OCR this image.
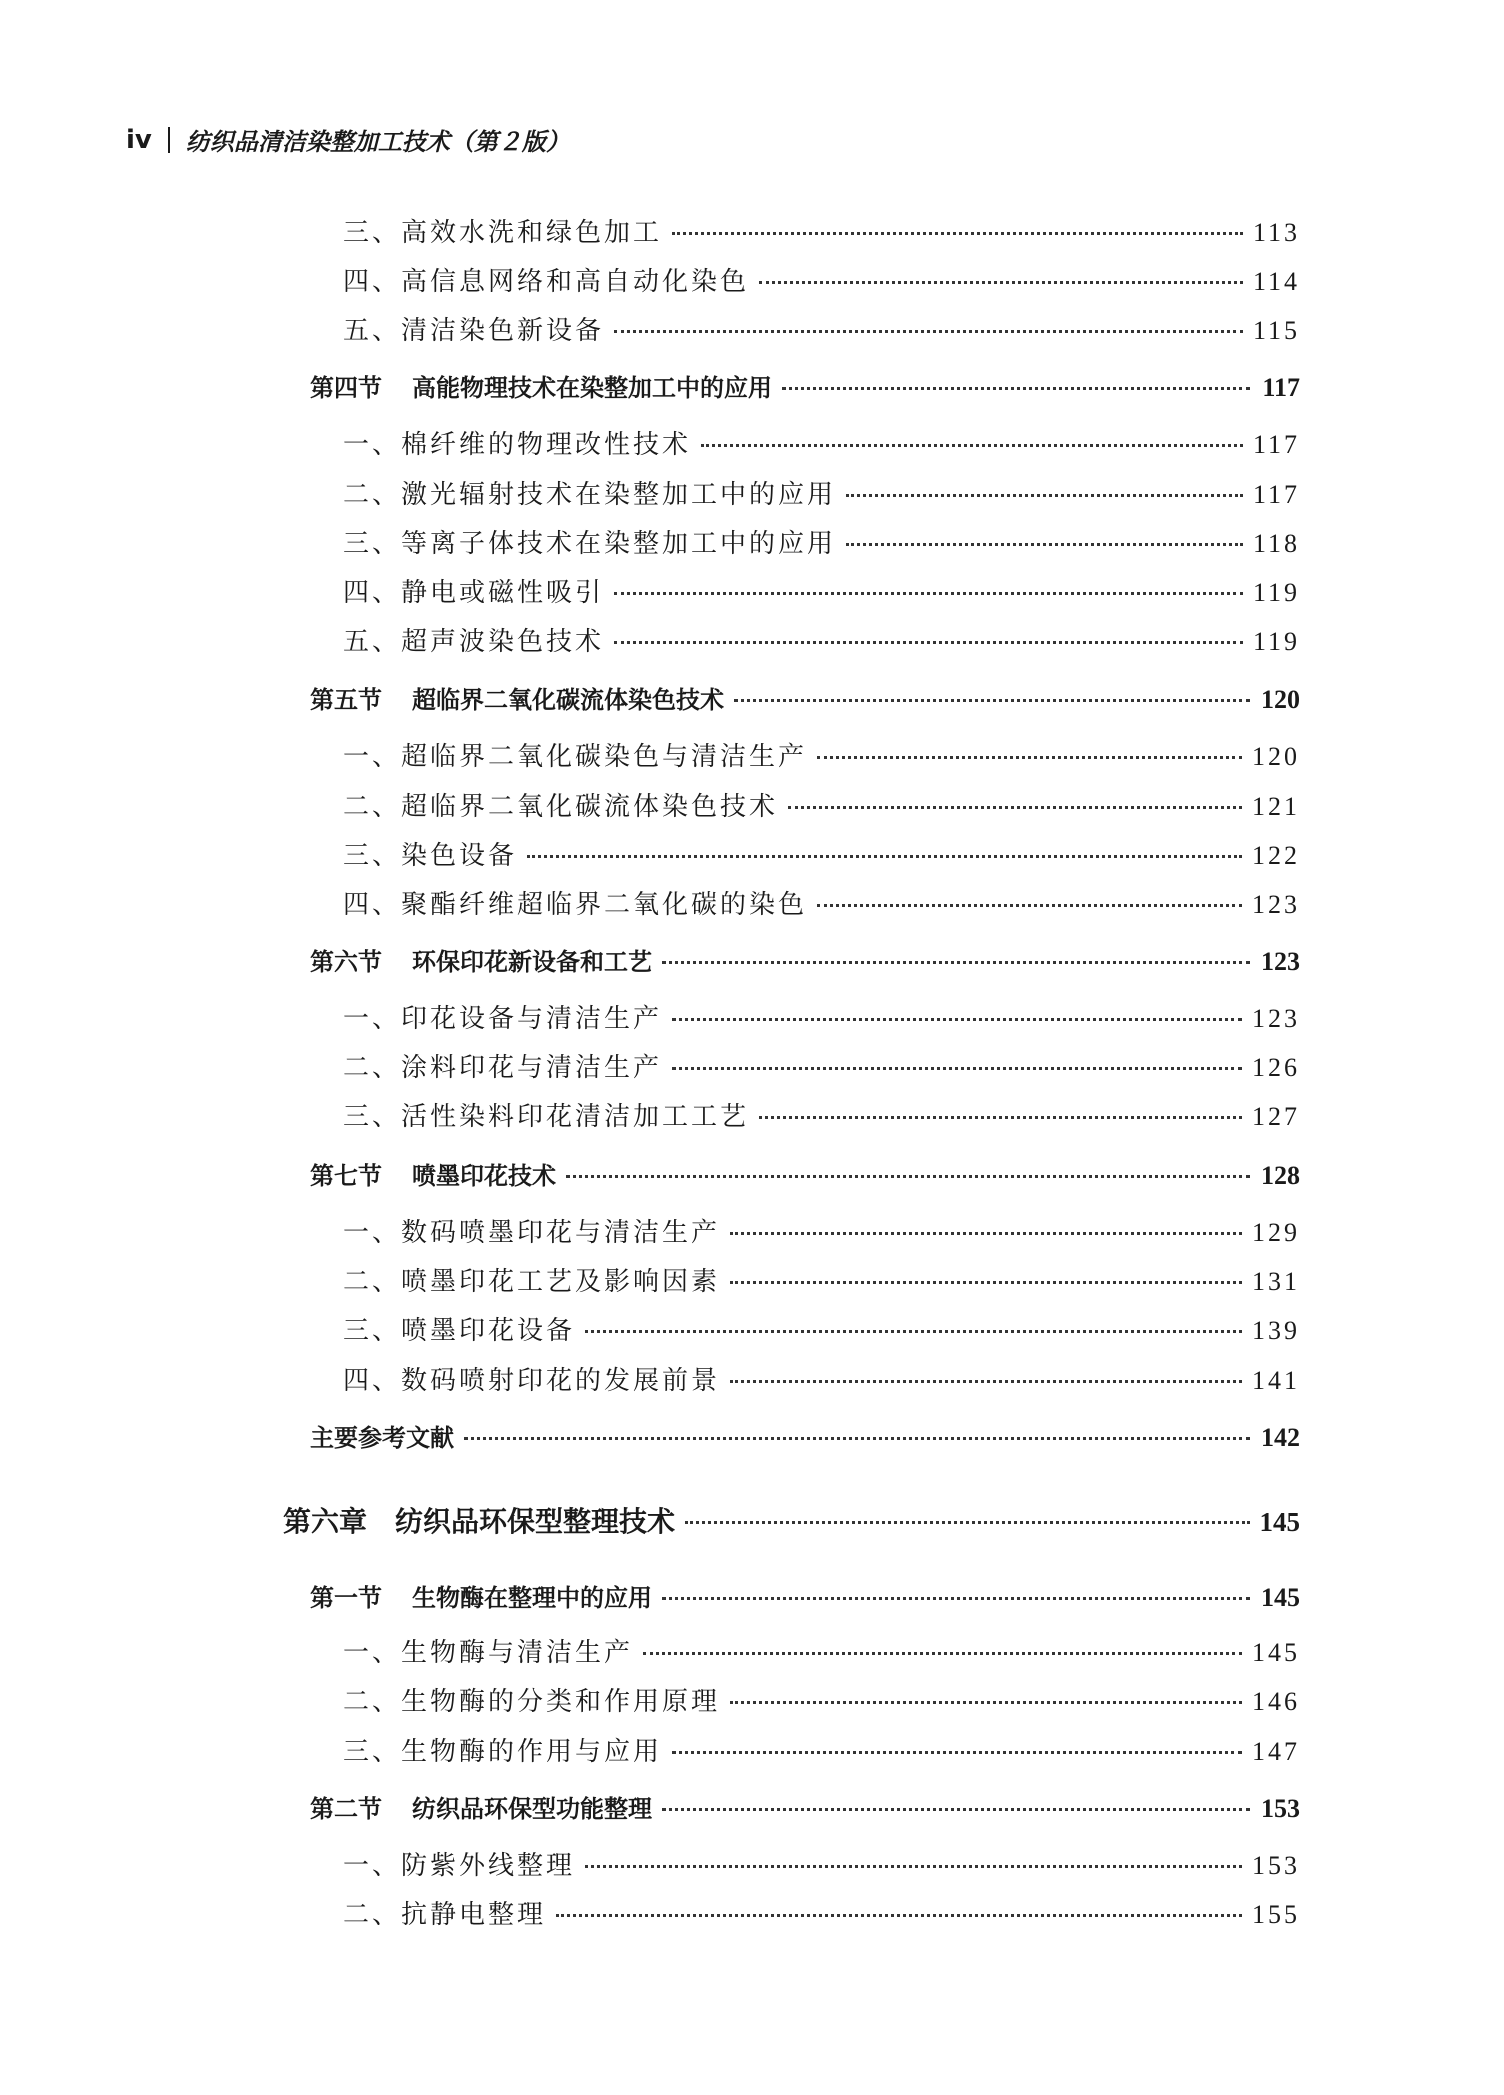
iv 纺织品清洁染整加工技术（第２版）
三、高效水洗和绿色加工	113
四、高信息网络和高自动化染色	114
五、清洁染色新设备	115
第四节 高能物理技术在染整加工中的应用	117
一、棉纤维的物理改性技术	117
二、激光辐射技术在染整加工中的应用	117
三、等离子体技术在染整加工中的应用	118
四、静电或磁性吸引	119
五、超声波染色技术	119
第五节 超临界二氧化碳流体染色技术	120
一、超临界二氧化碳染色与清洁生产	120
二、超临界二氧化碳流体染色技术	121
三、染色设备	122
四、聚酯纤维超临界二氧化碳的染色	123
第六节 环保印花新设备和工艺	123
一、印花设备与清洁生产	123
二、涂料印花与清洁生产	126
三、活性染料印花清洁加工工艺	127
第七节 喷墨印花技术	128
一、数码喷墨印花与清洁生产	129
二、喷墨印花工艺及影响因素	131
三、喷墨印花设备	139
四、数码喷射印花的发展前景	141
主要参考文献	142
第六章 纺织品环保型整理技术	145
第一节 生物酶在整理中的应用	145
一、生物酶与清洁生产	145
二、生物酶的分类和作用原理	146
三、生物酶的作用与应用	147
第二节 纺织品环保型功能整理	153
一、防紫外线整理	153
二、抗静电整理	155
